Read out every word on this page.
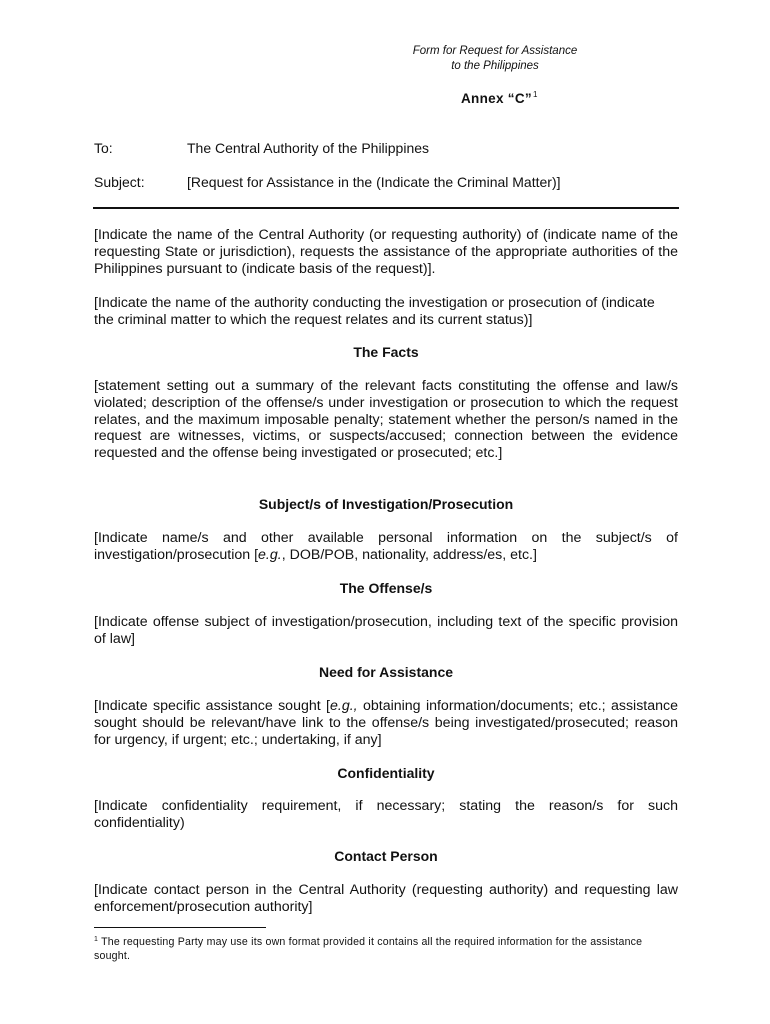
Form for Request for Assistance
to the Philippines
Annex “C”$^1$
To:	The Central Authority of the Philippines
Subject:	[Request for Assistance in the (Indicate the Criminal Matter)]

[Indicate the name of the Central Authority (or requesting authority) of (indicate name of the requesting State or jurisdiction), requests the assistance of the appropriate authorities of the Philippines pursuant to (indicate basis of the request)].

[Indicate the name of the authority conducting the investigation or prosecution of (indicate the criminal matter to which the request relates and its current status)]

The Facts

[statement setting out a summary of the relevant facts constituting the offense and law/s violated; description of the offense/s under investigation or prosecution to which the request relates, and the maximum imposable penalty; statement whether the person/s named in the request are witnesses, victims, or suspects/accused; connection between the evidence requested and the offense being investigated or prosecuted; etc.]

Subject/s of Investigation/Prosecution

[Indicate name/s and other available personal information on the subject/s of investigation/prosecution [e.g., DOB/POB, nationality, address/es, etc.]

The Offense/s

[Indicate offense subject of investigation/prosecution, including text of the specific provision of law]

Need for Assistance

[Indicate specific assistance sought [e.g., obtaining information/documents; etc.; assistance sought should be relevant/have link to the offense/s being investigated/prosecuted; reason for urgency, if urgent; etc.; undertaking, if any]

Confidentiality

[Indicate confidentiality requirement, if necessary; stating the reason/s for such confidentiality)

Contact Person

[Indicate contact person in the Central Authority (requesting authority) and requesting law enforcement/prosecution authority]

$^1$ The requesting Party may use its own format provided it contains all the required information for the assistance sought.
